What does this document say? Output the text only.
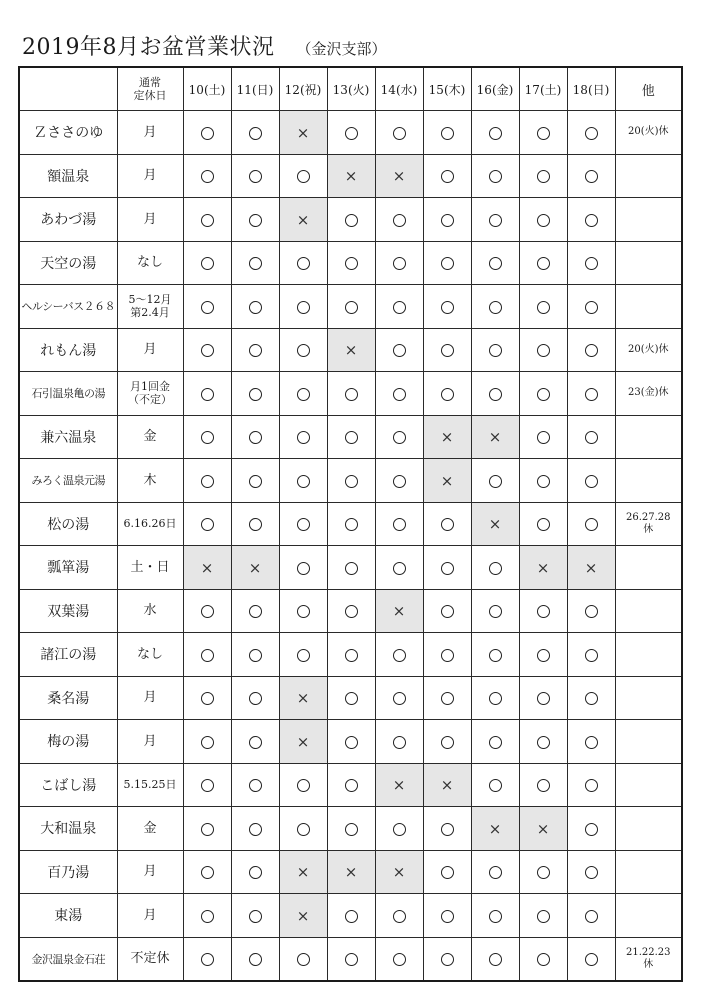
2019年8月お盆営業状況 （金沢支部）
	通常
定休日	10(土)	11(日)	12(祝)	13(火)	14(水)	15(木)	16(金)	17(土)	18(日)	他
Ｚささのゆ	月			×							20(火)休
額温泉	月				×	×					
あわづ湯	月			×							
天空の湯	なし										
ヘルシーバス２６８	5～12月
第2.4月										
れもん湯	月				×						20(火)休
石引温泉亀の湯	月1回金
（不定）										23(金)休
兼六温泉	金						×	×			
みろく温泉元湯	木						×				
松の湯	6.16.26日							×			26.27.28
休
瓢箪湯	土・日	×	×						×	×	
双葉湯	水					×					
諸江の湯	なし										
桑名湯	月			×							
梅の湯	月			×							
こばし湯	5.15.25日					×	×				
大和温泉	金							×	×		
百乃湯	月			×	×	×					
東湯	月			×							
金沢温泉金石荘	不定休										21.22.23
休
